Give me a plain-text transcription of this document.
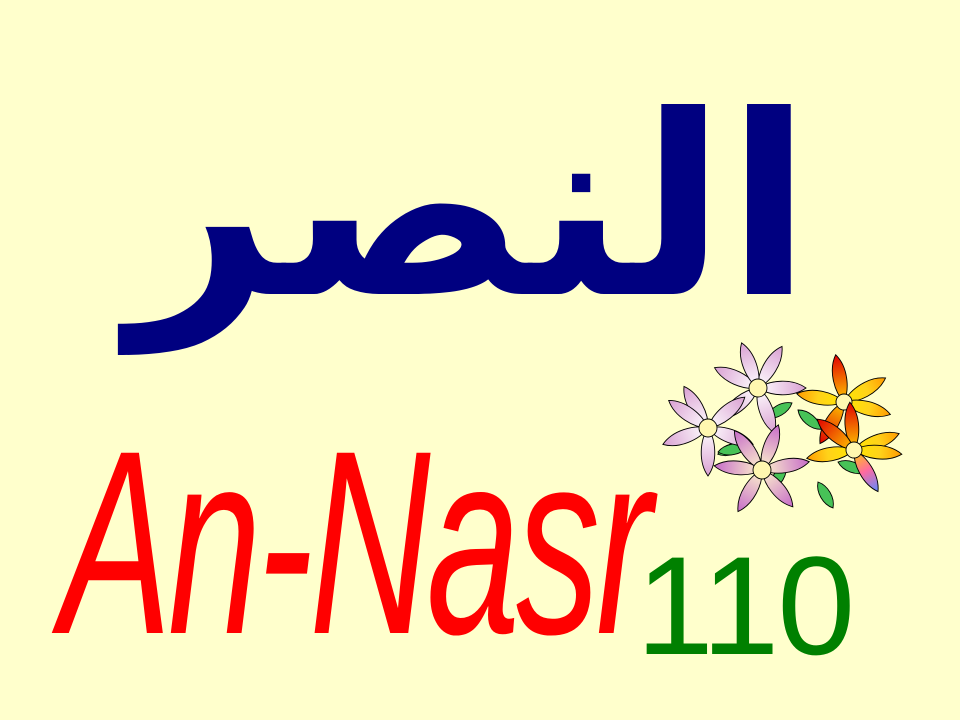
النصر
An-Nasr
110
